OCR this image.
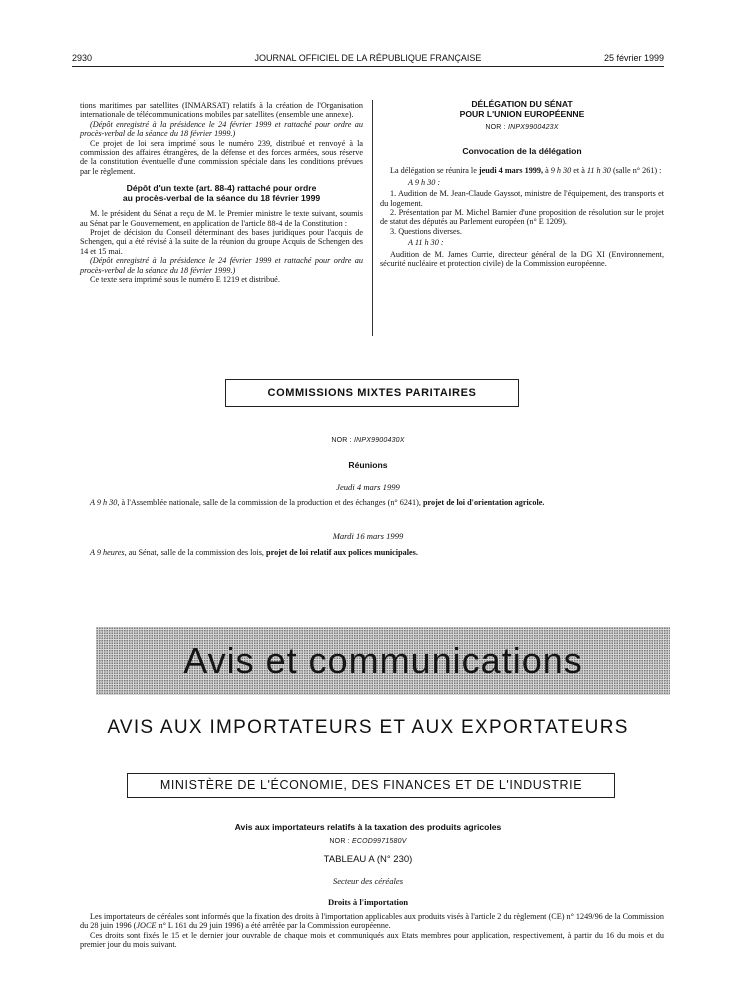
2930	JOURNAL OFFICIEL DE LA RÉPUBLIQUE FRANÇAISE	25 février 1999

tions maritimes par satellites (INMARSAT) relatifs à la création de l'Organisation internationale de télécommunications mobiles par satellites (ensemble une annexe).

(Dépôt enregistré à la présidence le 24 février 1999 et rattaché pour ordre au procès-verbal de la séance du 18 février 1999.)

Ce projet de loi sera imprimé sous le numéro 239, distribué et renvoyé à la commission des affaires étrangères, de la défense et des forces armées, sous réserve de la constitution éventuelle d'une commission spéciale dans les conditions prévues par le règlement.

Dépôt d'un texte (art. 88-4) rattaché pour ordre
au procès-verbal de la séance du 18 février 1999

M. le président du Sénat a reçu de M. le Premier ministre le texte suivant, soumis au Sénat par le Gouvernement, en application de l'article 88-4 de la Constitution :

Projet de décision du Conseil déterminant des bases juridiques pour l'acquis de Schengen, qui a été révisé à la suite de la réunion du groupe Acquis de Schengen des 14 et 15 mai.

(Dépôt enregistré à la présidence le 24 février 1999 et rattaché pour ordre au procès-verbal de la séance du 18 février 1999.)

Ce texte sera imprimé sous le numéro E 1219 et distribué.

DÉLÉGATION DU SÉNAT
POUR L'UNION EUROPÉENNE
NOR : INPX9900423X
Convocation de la délégation

La délégation se réunira le jeudi 4 mars 1999, à 9 h 30 et à 11 h 30 (salle n° 261) :

A 9 h 30 :

1. Audition de M. Jean-Claude Gayssot, ministre de l'équipement, des transports et du logement.

2. Présentation par M. Michel Barnier d'une proposition de résolution sur le projet de statut des députés au Parlement européen (n° E 1209).

3. Questions diverses.

A 11 h 30 :

Audition de M. James Currie, directeur général de la DG XI (Environnement, sécurité nucléaire et protection civile) de la Commission européenne.

COMMISSIONS MIXTES PARITAIRES
NOR : INPX9900430X
Réunions
Jeudi 4 mars 1999

A 9 h 30, à l'Assemblée nationale, salle de la commission de la production et des échanges (n° 6241), projet de loi d'orientation agricole.

Mardi 16 mars 1999

A 9 heures, au Sénat, salle de la commission des lois, projet de loi relatif aux polices municipales.

Avis et communications
AVIS AUX IMPORTATEURS ET AUX EXPORTATEURS
MINISTÈRE DE L'ÉCONOMIE, DES FINANCES ET DE L'INDUSTRIE
Avis aux importateurs relatifs à la taxation des produits agricoles
NOR : ECOD9971580V
TABLEAU A (N° 230)
Secteur des céréales
Droits à l'importation

Les importateurs de céréales sont informés que la fixation des droits à l'importation applicables aux produits visés à l'article 2 du règlement (CE) n° 1249/96 de la Commission du 28 juin 1996 (JOCE n° L 161 du 29 juin 1996) a été arrêtée par la Commission européenne.

Ces droits sont fixés le 15 et le dernier jour ouvrable de chaque mois et communiqués aux Etats membres pour application, respectivement, à partir du 16 du mois et du premier jour du mois suivant.
